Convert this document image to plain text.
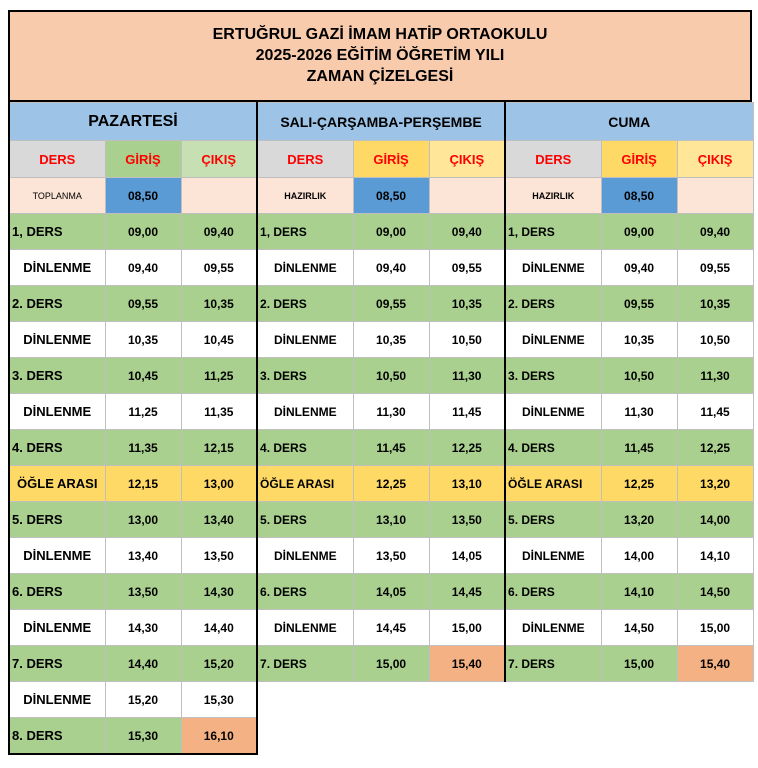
ERTUĞRUL GAZİ İMAM HATİP ORTAOKULU
2025-2026 EĞİTİM ÖĞRETİM YILI
ZAMAN ÇİZELGESİ
PAZARTESİ			SALI-ÇARŞAMBA-PERŞEMBE			CUMA		
DERS	GİRİŞ	ÇIKIŞ	DERS	GİRİŞ	ÇIKIŞ	DERS	GİRİŞ	ÇIKIŞ
TOPLANMA	08,50		HAZIRLIK	08,50		HAZIRLIK	08,50	
1, DERS	09,00	09,40	1, DERS	09,00	09,40	1, DERS	09,00	09,40
DİNLENME	09,40	09,55	DİNLENME	09,40	09,55	DİNLENME	09,40	09,55
2. DERS	09,55	10,35	2. DERS	09,55	10,35	2. DERS	09,55	10,35
DİNLENME	10,35	10,45	DİNLENME	10,35	10,50	DİNLENME	10,35	10,50
3. DERS	10,45	11,25	3. DERS	10,50	11,30	3. DERS	10,50	11,30
DİNLENME	11,25	11,35	DİNLENME	11,30	11,45	DİNLENME	11,30	11,45
4. DERS	11,35	12,15	4. DERS	11,45	12,25	4. DERS	11,45	12,25
ÖĞLE ARASI	12,15	13,00	ÖĞLE ARASI	12,25	13,10	ÖĞLE ARASI	12,25	13,20
5. DERS	13,00	13,40	5. DERS	13,10	13,50	5. DERS	13,20	14,00
DİNLENME	13,40	13,50	DİNLENME	13,50	14,05	DİNLENME	14,00	14,10
6. DERS	13,50	14,30	6. DERS	14,05	14,45	6. DERS	14,10	14,50
DİNLENME	14,30	14,40	DİNLENME	14,45	15,00	DİNLENME	14,50	15,00
7. DERS	14,40	15,20	7. DERS	15,00	15,40	7. DERS	15,00	15,40
DİNLENME	15,20	15,30						
8. DERS	15,30	16,10						
